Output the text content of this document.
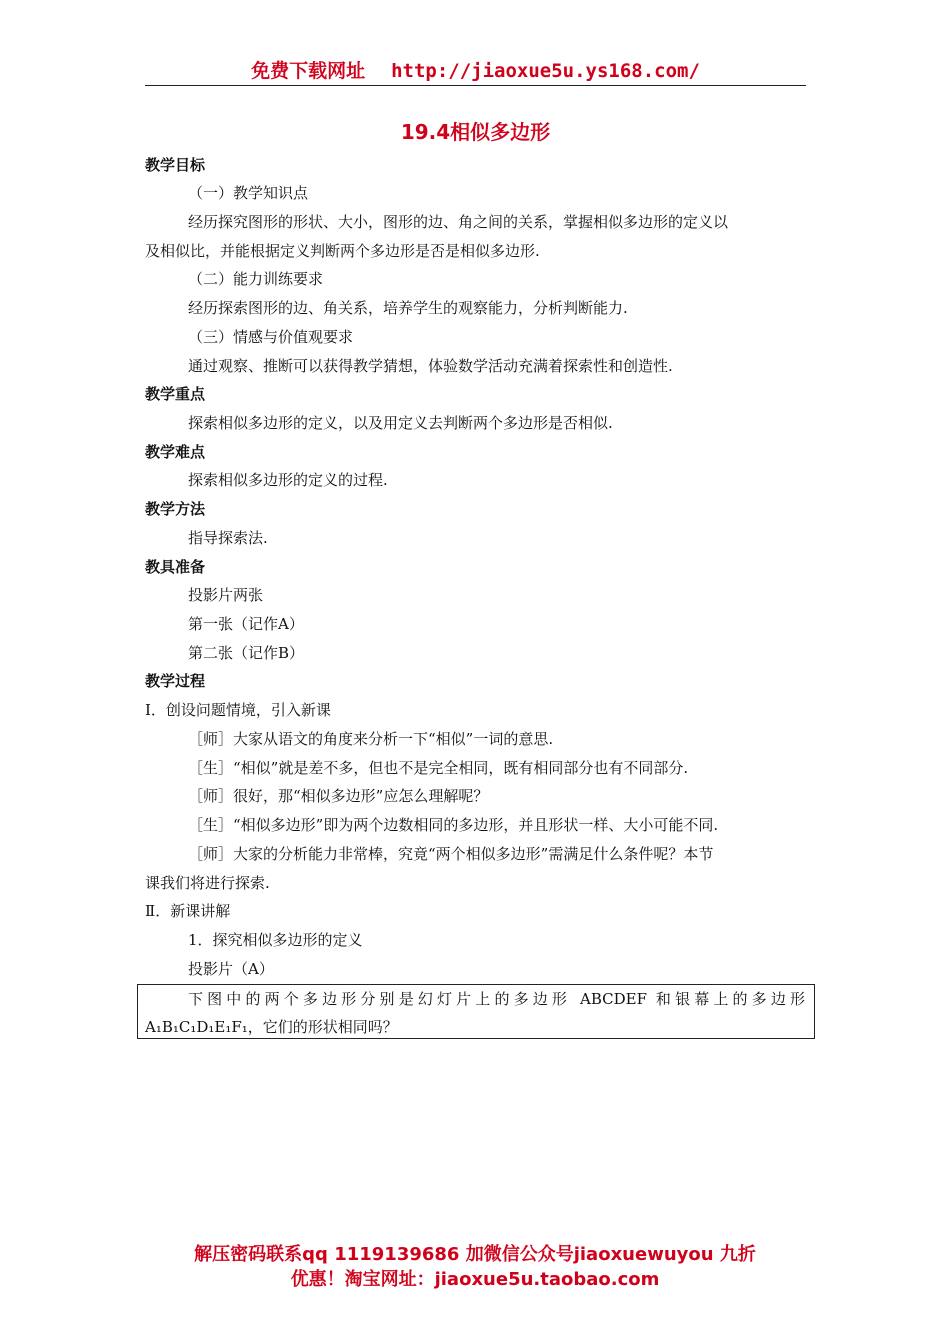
免费下载网址 http://jiaoxue5u.ys168.com/
19.4相似多边形
教学目标
（一）教学知识点
经历探究图形的形状、大小，图形的边、角之间的关系，掌握相似多边形的定义以
及相似比，并能根据定义判断两个多边形是否是相似多边形.
（二）能力训练要求
经历探索图形的边、角关系，培养学生的观察能力，分析判断能力.
（三）情感与价值观要求
通过观察、推断可以获得教学猜想，体验数学活动充满着探索性和创造性.
教学重点
探索相似多边形的定义，以及用定义去判断两个多边形是否相似.
教学难点
探索相似多边形的定义的过程.
教学方法
指导探索法.
教具准备
投影片两张
第一张（记作A）
第二张（记作B）
教学过程
Ⅰ．创设问题情境，引入新课
［师］大家从语文的角度来分析一下“相似”一词的意思.
［生］“相似”就是差不多，但也不是完全相同，既有相同部分也有不同部分.
［师］很好，那“相似多边形”应怎么理解呢？
［生］“相似多边形”即为两个边数相同的多边形，并且形状一样、大小可能不同.
［师］大家的分析能力非常棒，究竟“两个相似多边形”需满足什么条件呢？本节
课我们将进行探索.
Ⅱ．新课讲解
1．探究相似多边形的定义
投影片（A）
下图中的两个多边形分别是幻灯片上的多边形 ABCDEF 和银幕上的多边形
A₁B₁C₁D₁E₁F₁，它们的形状相同吗？
解压密码联系qq 1119139686 加微信公众号jiaoxuewuyou 九折
优惠！淘宝网址：jiaoxue5u.taobao.com
